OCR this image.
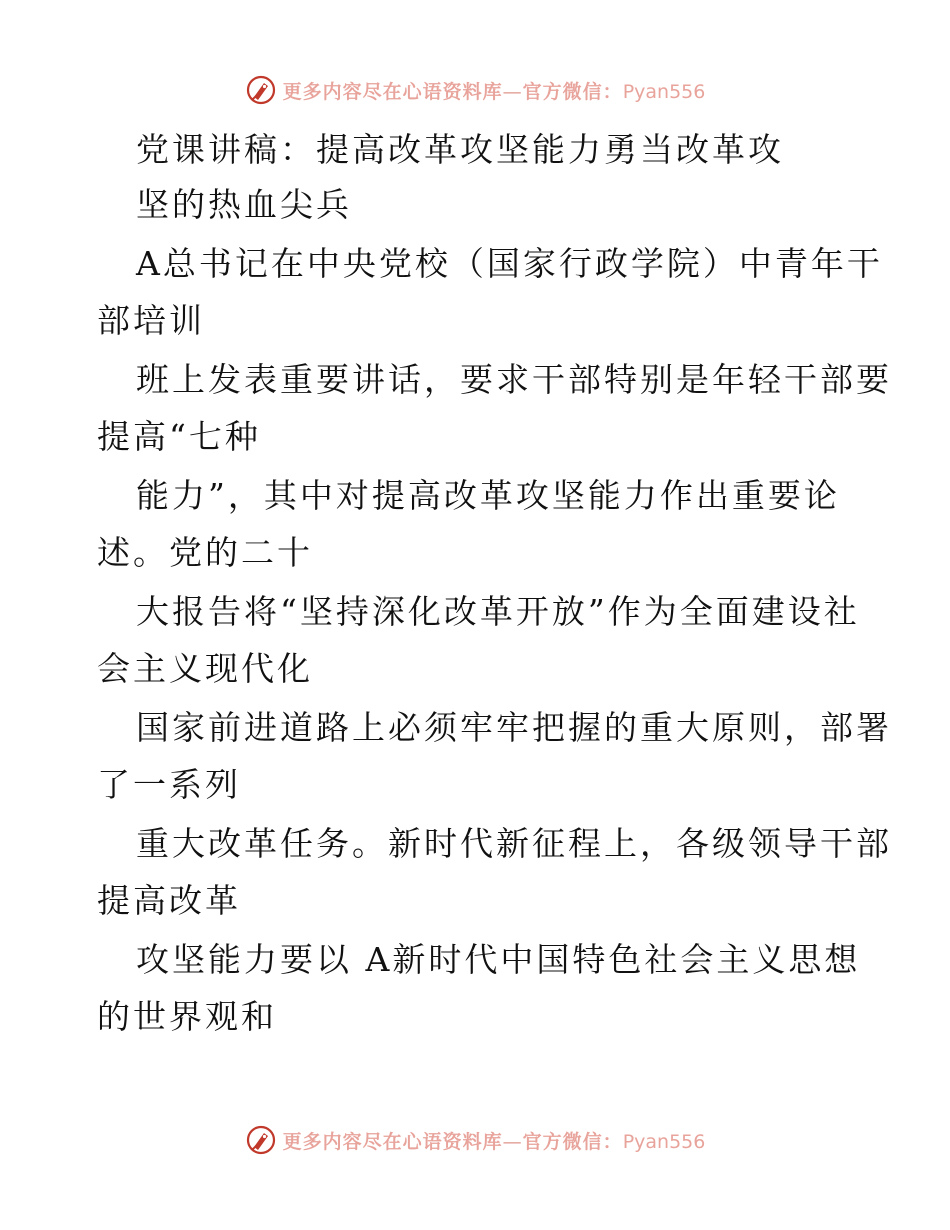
更多内容尽在心语资料库—官方微信：Pyan556
党课讲稿：提高改革攻坚能力勇当改革攻
坚的热血尖兵
A总书记在中央党校（国家行政学院）中青年干
部培训
班上发表重要讲话，要求干部特别是年轻干部要
提高“七种
能力”，其中对提高改革攻坚能力作出重要论
述。党的二十
大报告将“坚持深化改革开放”作为全面建设社
会主义现代化
国家前进道路上必须牢牢把握的重大原则，部署
了一系列
重大改革任务。新时代新征程上，各级领导干部
提高改革
攻坚能力要以 A新时代中国特色社会主义思想
的世界观和
更多内容尽在心语资料库—官方微信：Pyan556
